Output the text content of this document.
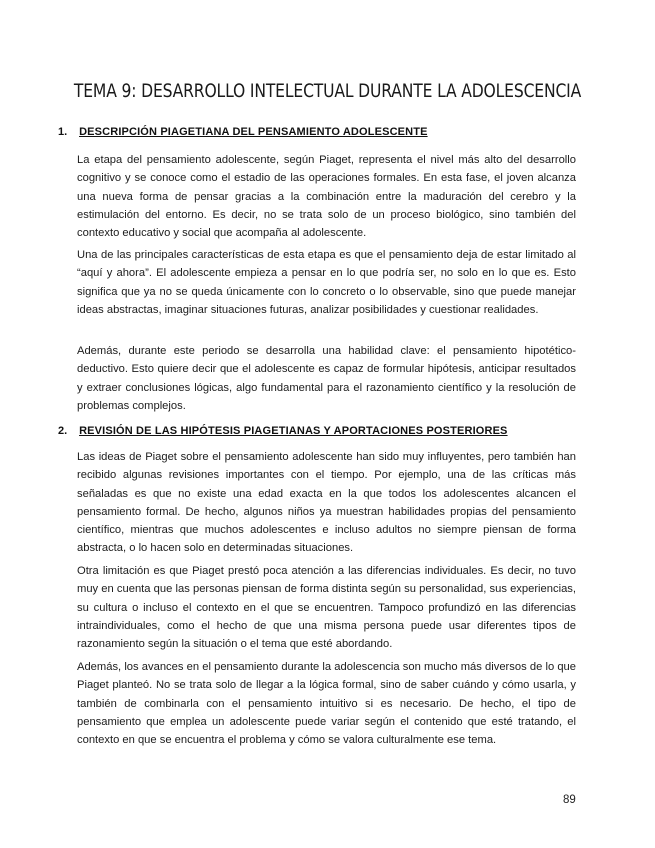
TEMA 9: DESARROLLO INTELECTUAL DURANTE LA ADOLESCENCIA
1. DESCRIPCIÓN PIAGETIANA DEL PENSAMIENTO ADOLESCENTE

La etapa del pensamiento adolescente, según Piaget, representa el nivel más alto del desarrollo cognitivo y se conoce como el estadio de las operaciones formales. En esta fase, el joven alcanza una nueva forma de pensar gracias a la combinación entre la maduración del cerebro y la estimulación del entorno. Es decir, no se trata solo de un proceso biológico, sino también del contexto educativo y social que acompaña al adolescente.

Una de las principales características de esta etapa es que el pensamiento deja de estar limitado al “aquí y ahora”. El adolescente empieza a pensar en lo que podría ser, no solo en lo que es. Esto significa que ya no se queda únicamente con lo concreto o lo observable, sino que puede manejar ideas abstractas, imaginar situaciones futuras, analizar posibilidades y cuestionar realidades.

Además, durante este periodo se desarrolla una habilidad clave: el pensamiento hipotético-deductivo. Esto quiere decir que el adolescente es capaz de formular hipótesis, anticipar resultados y extraer conclusiones lógicas, algo fundamental para el razonamiento científico y la resolución de problemas complejos.

2. REVISIÓN DE LAS HIPÓTESIS PIAGETIANAS Y APORTACIONES POSTERIORES

Las ideas de Piaget sobre el pensamiento adolescente han sido muy influyentes, pero también han recibido algunas revisiones importantes con el tiempo. Por ejemplo, una de las críticas más señaladas es que no existe una edad exacta en la que todos los adolescentes alcancen el pensamiento formal. De hecho, algunos niños ya muestran habilidades propias del pensamiento científico, mientras que muchos adolescentes e incluso adultos no siempre piensan de forma abstracta, o lo hacen solo en determinadas situaciones.

Otra limitación es que Piaget prestó poca atención a las diferencias individuales. Es decir, no tuvo muy en cuenta que las personas piensan de forma distinta según su personalidad, sus experiencias, su cultura o incluso el contexto en el que se encuentren. Tampoco profundizó en las diferencias intraindividuales, como el hecho de que una misma persona puede usar diferentes tipos de razonamiento según la situación o el tema que esté abordando.

Además, los avances en el pensamiento durante la adolescencia son mucho más diversos de lo que Piaget planteó. No se trata solo de llegar a la lógica formal, sino de saber cuándo y cómo usarla, y también de combinarla con el pensamiento intuitivo si es necesario. De hecho, el tipo de pensamiento que emplea un adolescente puede variar según el contenido que esté tratando, el contexto en que se encuentra el problema y cómo se valora culturalmente ese tema.

89
